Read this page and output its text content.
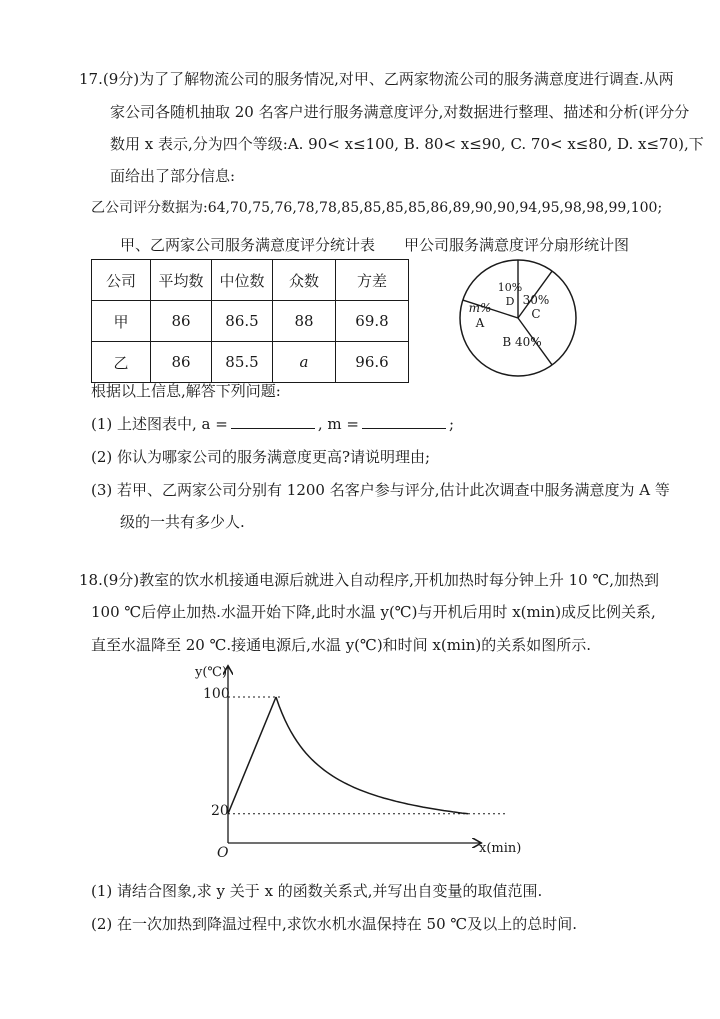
17.(9分)为了了解物流公司的服务情况,对甲、乙两家物流公司的服务满意度进行调查.从两
家公司各随机抽取 20 名客户进行服务满意度评分,对数据进行整理、描述和分析(评分分
数用 x 表示,分为四个等级:A. 90< x≤100, B. 80< x≤90, C. 70< x≤80, D. x≤70),下
面给出了部分信息:
乙公司评分数据为:64,70,75,76,78,78,85,85,85,85,86,89,90,90,94,95,98,98,99,100;
甲、乙两家公司服务满意度评分统计表 甲公司服务满意度评分扇形统计图
公司	平均数	中位数	众数	方差
甲	86	86.5	88	69.8
乙	86	85.5	a	96.6
10% D 30% C
B 40%
m% A
根据以上信息,解答下列问题:
(1) 上述图表中, a =	, m =	;
(2) 你认为哪家公司的服务满意度更高?请说明理由;
(3) 若甲、乙两家公司分别有 1200 名客户参与评分,估计此次调查中服务满意度为 A 等
级的一共有多少人.
18.(9分)教室的饮水机接通电源后就进入自动程序,开机加热时每分钟上升 10 ℃,加热到
100 ℃后停止加热.水温开始下降,此时水温 y(℃)与开机后用时 x(min)成反比例关系,
直至水温降至 20 ℃.接通电源后,水温 y(℃)和时间 x(min)的关系如图所示.
y(℃)
x(min)
O
100
20
(1) 请结合图象,求 y 关于 x 的函数关系式,并写出自变量的取值范围.
(2) 在一次加热到降温过程中,求饮水机水温保持在 50 ℃及以上的总时间.
